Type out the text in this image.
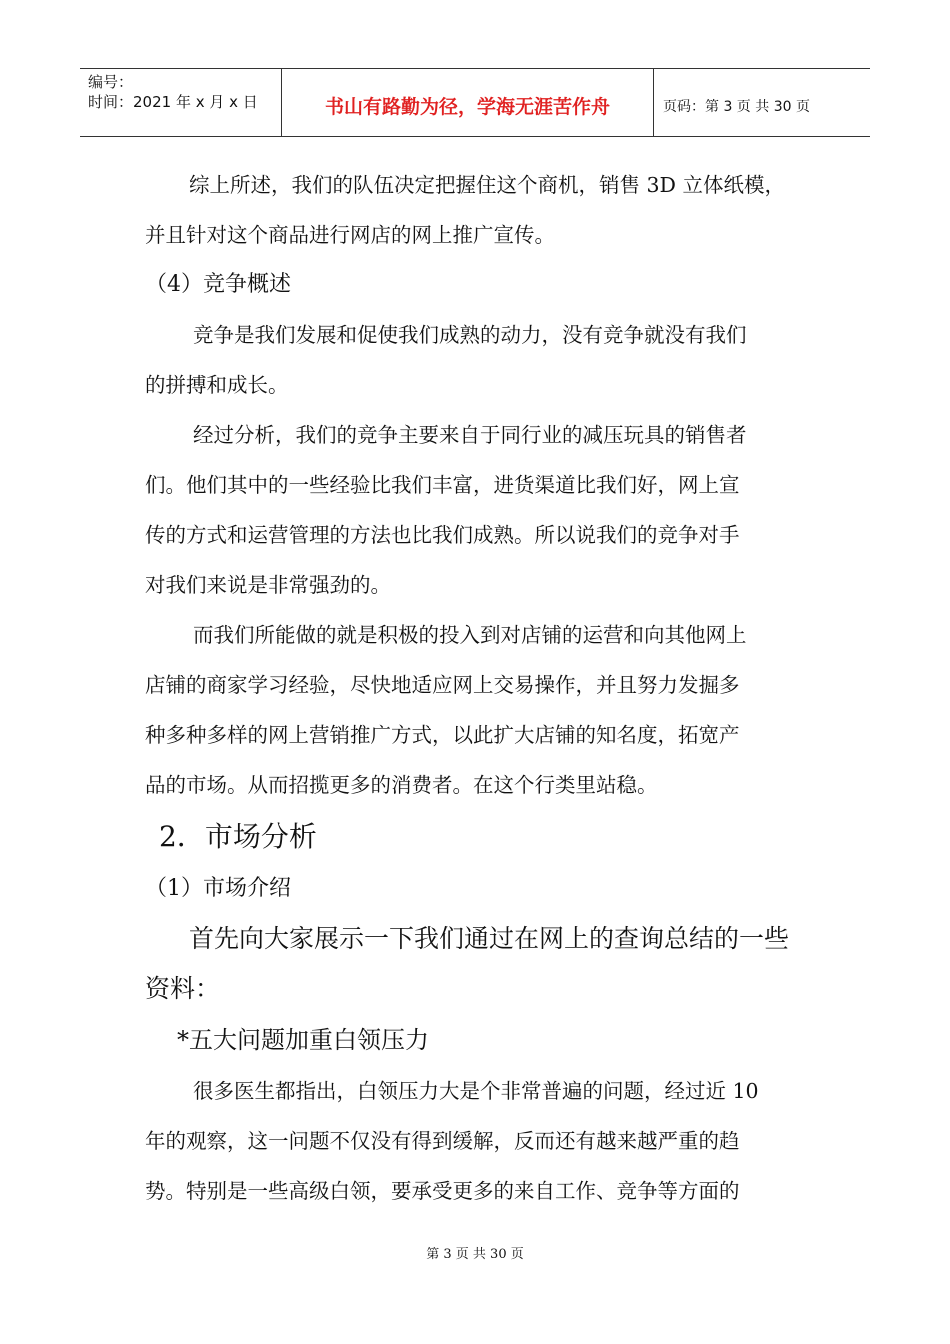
编号：
时间：2021 年 x 月 x 日	书山有路勤为径，学海无涯苦作舟	页码：第 3 页 共 30 页

综上所述，我们的队伍决定把握住这个商机，销售 3D 立体纸模，

并且针对这个商品进行网店的网上推广宣传。

（4）竞争概述

竞争是我们发展和促使我们成熟的动力，没有竞争就没有我们

的拼搏和成长。

经过分析，我们的竞争主要来自于同行业的减压玩具的销售者

们。他们其中的一些经验比我们丰富，进货渠道比我们好，网上宣

传的方式和运营管理的方法也比我们成熟。所以说我们的竞争对手

对我们来说是非常强劲的。

而我们所能做的就是积极的投入到对店铺的运营和向其他网上

店铺的商家学习经验，尽快地适应网上交易操作，并且努力发掘多

种多种多样的网上营销推广方式，以此扩大店铺的知名度，拓宽产

品的市场。从而招揽更多的消费者。在这个行类里站稳。

2．市场分析

（1）市场介绍

首先向大家展示一下我们通过在网上的查询总结的一些

资料：

*五大问题加重白领压力

很多医生都指出，白领压力大是个非常普遍的问题，经过近 10

年的观察，这一问题不仅没有得到缓解，反而还有越来越严重的趋

势。特别是一些高级白领，要承受更多的来自工作、竞争等方面的

第 3 页 共 30 页
